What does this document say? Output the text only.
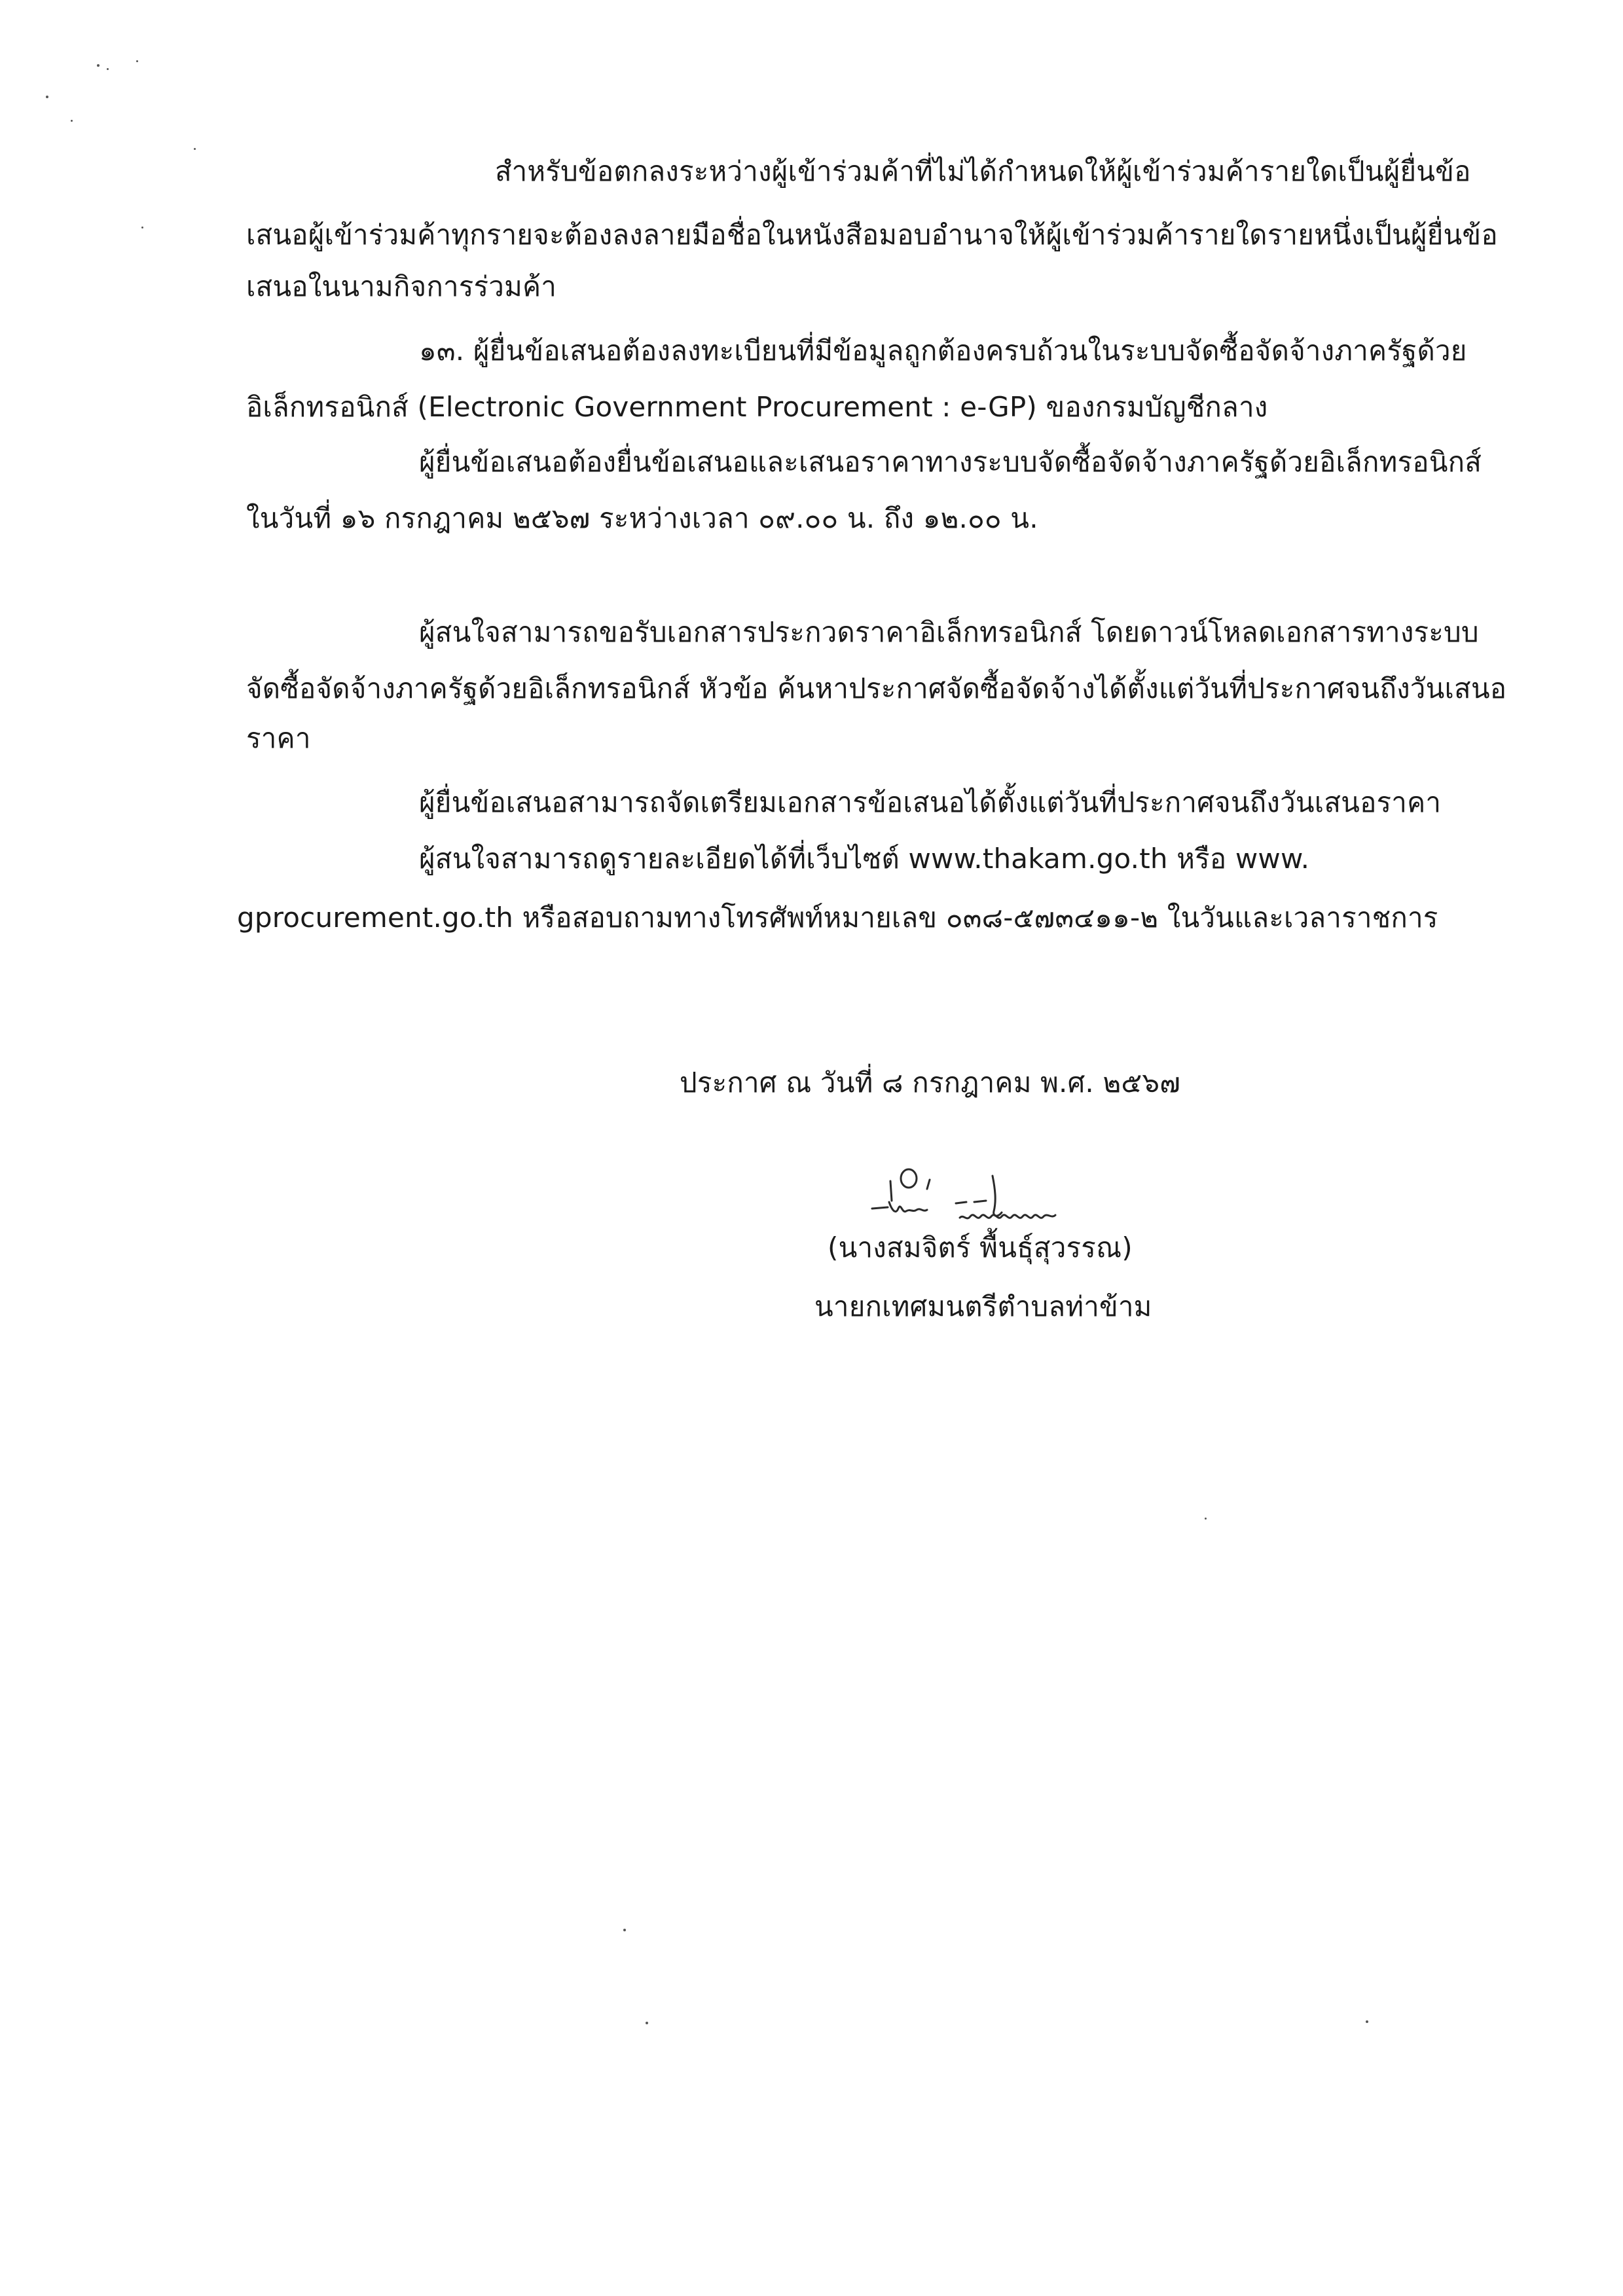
สำหรับข้อตกลงระหว่างผู้เข้าร่วมค้าที่ไม่ได้กำหนดให้ผู้เข้าร่วมค้ารายใดเป็นผู้ยื่นข้อ
เสนอผู้เข้าร่วมค้าทุกรายจะต้องลงลายมือชื่อในหนังสือมอบอำนาจให้ผู้เข้าร่วมค้ารายใดรายหนึ่งเป็นผู้ยื่นข้อ
เสนอในนามกิจการร่วมค้า
๑๓. ผู้ยื่นข้อเสนอต้องลงทะเบียนที่มีข้อมูลถูกต้องครบถ้วนในระบบจัดซื้อจัดจ้างภาครัฐด้วย
อิเล็กทรอนิกส์ (Electronic Government Procurement : e-GP) ของกรมบัญชีกลาง
ผู้ยื่นข้อเสนอต้องยื่นข้อเสนอและเสนอราคาทางระบบจัดซื้อจัดจ้างภาครัฐด้วยอิเล็กทรอนิกส์
ในวันที่ ๑๖ กรกฎาคม ๒๕๖๗ ระหว่างเวลา ๐๙.๐๐ น. ถึง ๑๒.๐๐ น.
ผู้สนใจสามารถขอรับเอกสารประกวดราคาอิเล็กทรอนิกส์ โดยดาวน์โหลดเอกสารทางระบบ
จัดซื้อจัดจ้างภาครัฐด้วยอิเล็กทรอนิกส์ หัวข้อ ค้นหาประกาศจัดซื้อจัดจ้างได้ตั้งแต่วันที่ประกาศจนถึงวันเสนอ
ราคา
ผู้ยื่นข้อเสนอสามารถจัดเตรียมเอกสารข้อเสนอได้ตั้งแต่วันที่ประกาศจนถึงวันเสนอราคา
ผู้สนใจสามารถดูรายละเอียดได้ที่เว็บไซต์ www.thakam.go.th หรือ www.
gprocurement.go.th หรือสอบถามทางโทรศัพท์หมายเลข ๐๓๘-๕๗๓๔๑๑-๒ ในวันและเวลาราชการ
ประกาศ ณ วันที่ ๘ กรกฎาคม พ.ศ. ๒๕๖๗
(นางสมจิตร์ พื้นธุ์สุวรรณ)
นายกเทศมนตรีตำบลท่าข้าม
